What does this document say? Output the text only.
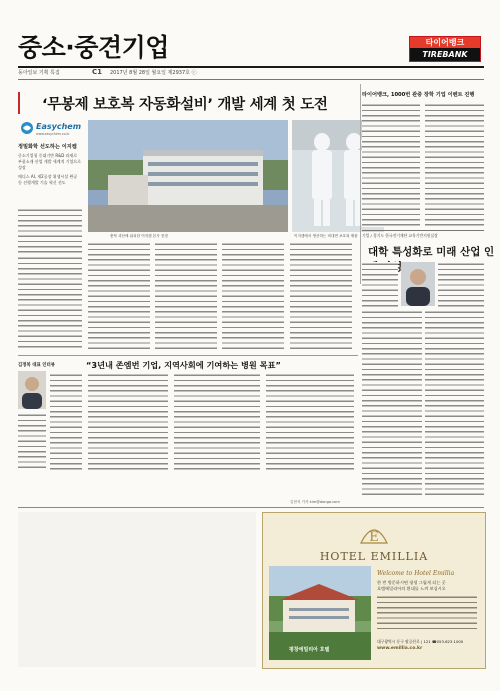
중소·중견기업	타이어뱅크
TIREBANK
동아일보 기획 특집	C1 2017년 8월 28일 월요일 제2937호 ⓒ
‘무봉제 보호복 자동화설비’ 개발 세계 첫 도전
Easychem
www.easychem.co.kr
정밀화학 선도하는 이지켐
중소기업청 중대기반 R&D 과제로 부품소재 산업 개발 세계적 기업으로 성장
메디스 AI, 제2공장 위생시설 완공 등 선행개발 기술 혁신 선도
충북 괴산에 위치한 이지켐 본사 전경	이지켐에서 생산하는 비대면 보호복 제품
김정복 대표 인터뷰	“3년내 존엠번 기업, 지역사회에 기여하는 병원 목표”
타이어뱅크, 1000번 관중 장학 기업 이벤트 진행
기업 / 경기도 한국전기재단 교육기반지원실장
대학 특성화로 미래 산업 인
김현석 기자 kim@donga.com
E
HOTEL EMILLIA
평창에밀리아 호텔
Welcome to Hotel Emillia
한 번 방문하시면 평생 그립게 되는 곳
호텔에밀리아의 환대를 느껴 보십시오
대구광역시 동구 팔공산로 | 121 ☎053.623.1000
www.emillia.co.kr
